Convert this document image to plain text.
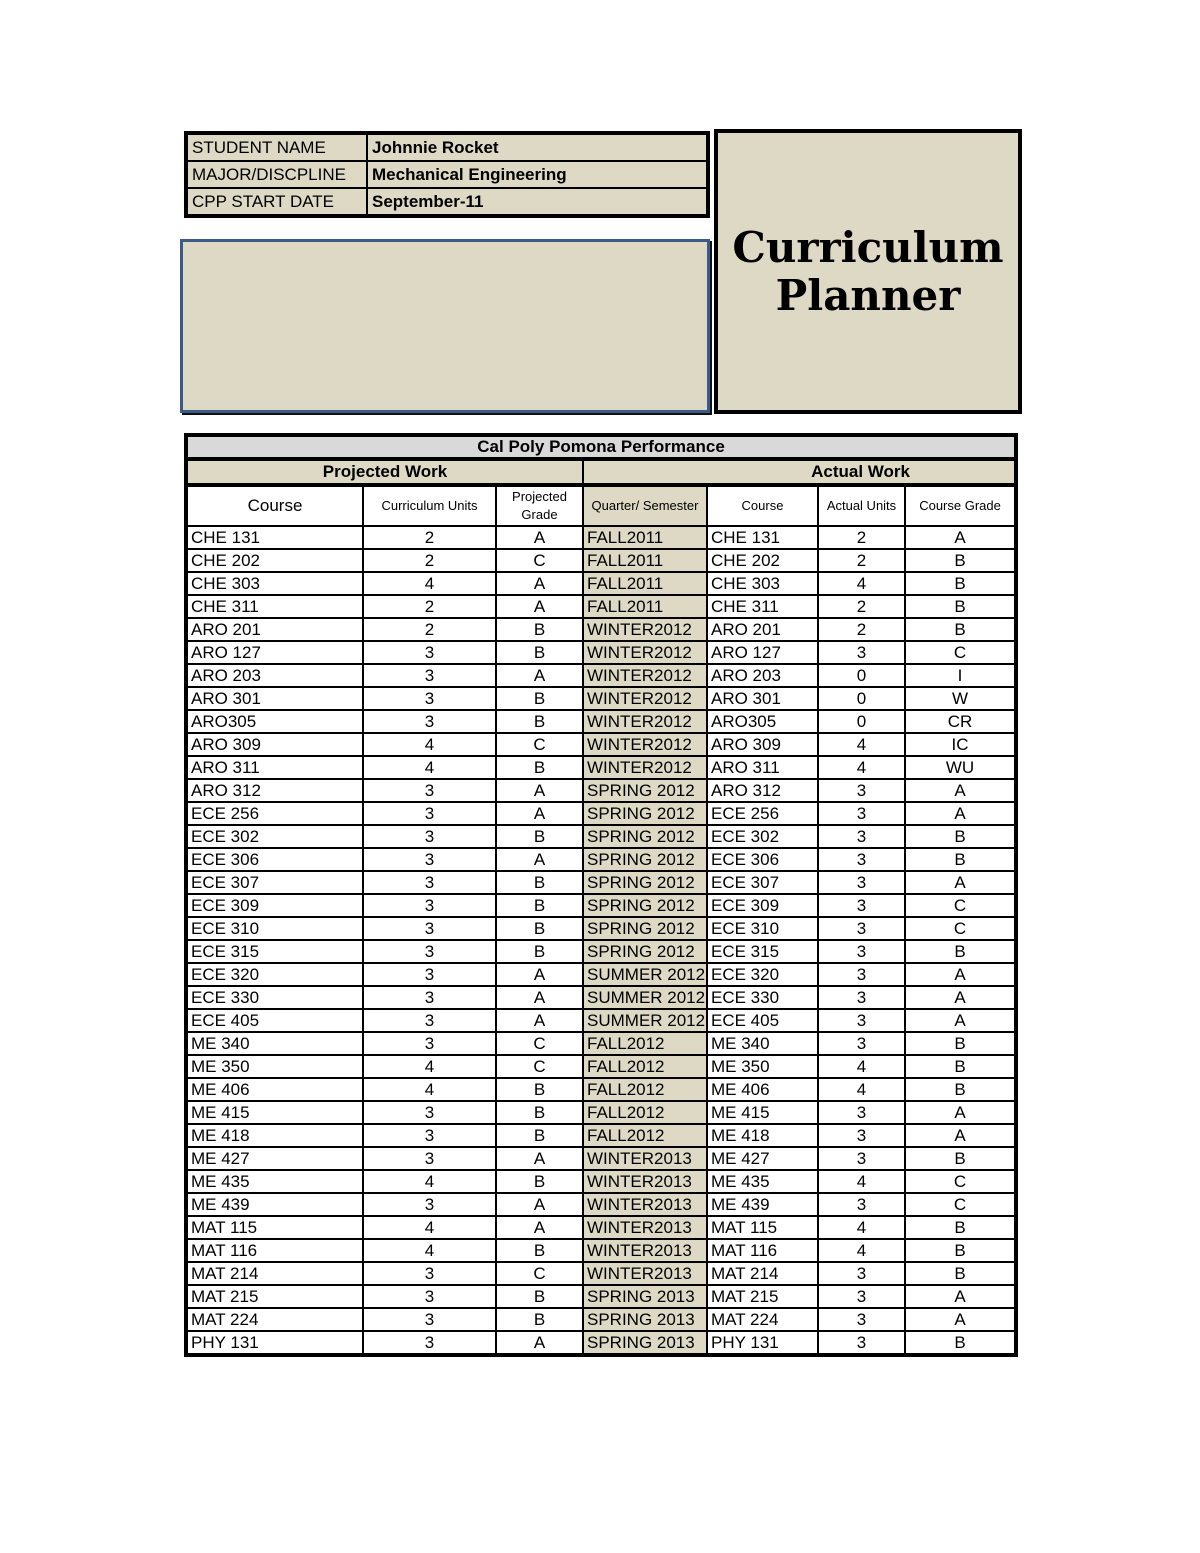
STUDENT NAME	Johnnie Rocket
MAJOR/DISCPLINE	Mechanical Engineering
CPP START DATE	September-11
Curriculum
Planner
Cal Poly Pomona Performance						
Projected Work				Actual Work		
Course	Curriculum Units	Projected Grade	Quarter/ Semester	Course	Actual Units	Course Grade
CHE 131	2	A	FALL2011	CHE 131	2	A
CHE 202	2	C	FALL2011	CHE 202	2	B
CHE 303	4	A	FALL2011	CHE 303	4	B
CHE 311	2	A	FALL2011	CHE 311	2	B
ARO 201	2	B	WINTER2012	ARO 201	2	B
ARO 127	3	B	WINTER2012	ARO 127	3	C
ARO 203	3	A	WINTER2012	ARO 203	0	I
ARO 301	3	B	WINTER2012	ARO 301	0	W
ARO305	3	B	WINTER2012	ARO305	0	CR
ARO 309	4	C	WINTER2012	ARO 309	4	IC
ARO 311	4	B	WINTER2012	ARO 311	4	WU
ARO 312	3	A	SPRING 2012	ARO 312	3	A
ECE 256	3	A	SPRING 2012	ECE 256	3	A
ECE 302	3	B	SPRING 2012	ECE 302	3	B
ECE 306	3	A	SPRING 2012	ECE 306	3	B
ECE 307	3	B	SPRING 2012	ECE 307	3	A
ECE 309	3	B	SPRING 2012	ECE 309	3	C
ECE 310	3	B	SPRING 2012	ECE 310	3	C
ECE 315	3	B	SPRING 2012	ECE 315	3	B
ECE 320	3	A	SUMMER 2012	ECE 320	3	A
ECE 330	3	A	SUMMER 2012	ECE 330	3	A
ECE 405	3	A	SUMMER 2012	ECE 405	3	A
ME 340	3	C	FALL2012	ME 340	3	B
ME 350	4	C	FALL2012	ME 350	4	B
ME 406	4	B	FALL2012	ME 406	4	B
ME 415	3	B	FALL2012	ME 415	3	A
ME 418	3	B	FALL2012	ME 418	3	A
ME 427	3	A	WINTER2013	ME 427	3	B
ME 435	4	B	WINTER2013	ME 435	4	C
ME 439	3	A	WINTER2013	ME 439	3	C
MAT 115	4	A	WINTER2013	MAT 115	4	B
MAT 116	4	B	WINTER2013	MAT 116	4	B
MAT 214	3	C	WINTER2013	MAT 214	3	B
MAT 215	3	B	SPRING 2013	MAT 215	3	A
MAT 224	3	B	SPRING 2013	MAT 224	3	A
PHY 131	3	A	SPRING 2013	PHY 131	3	B
